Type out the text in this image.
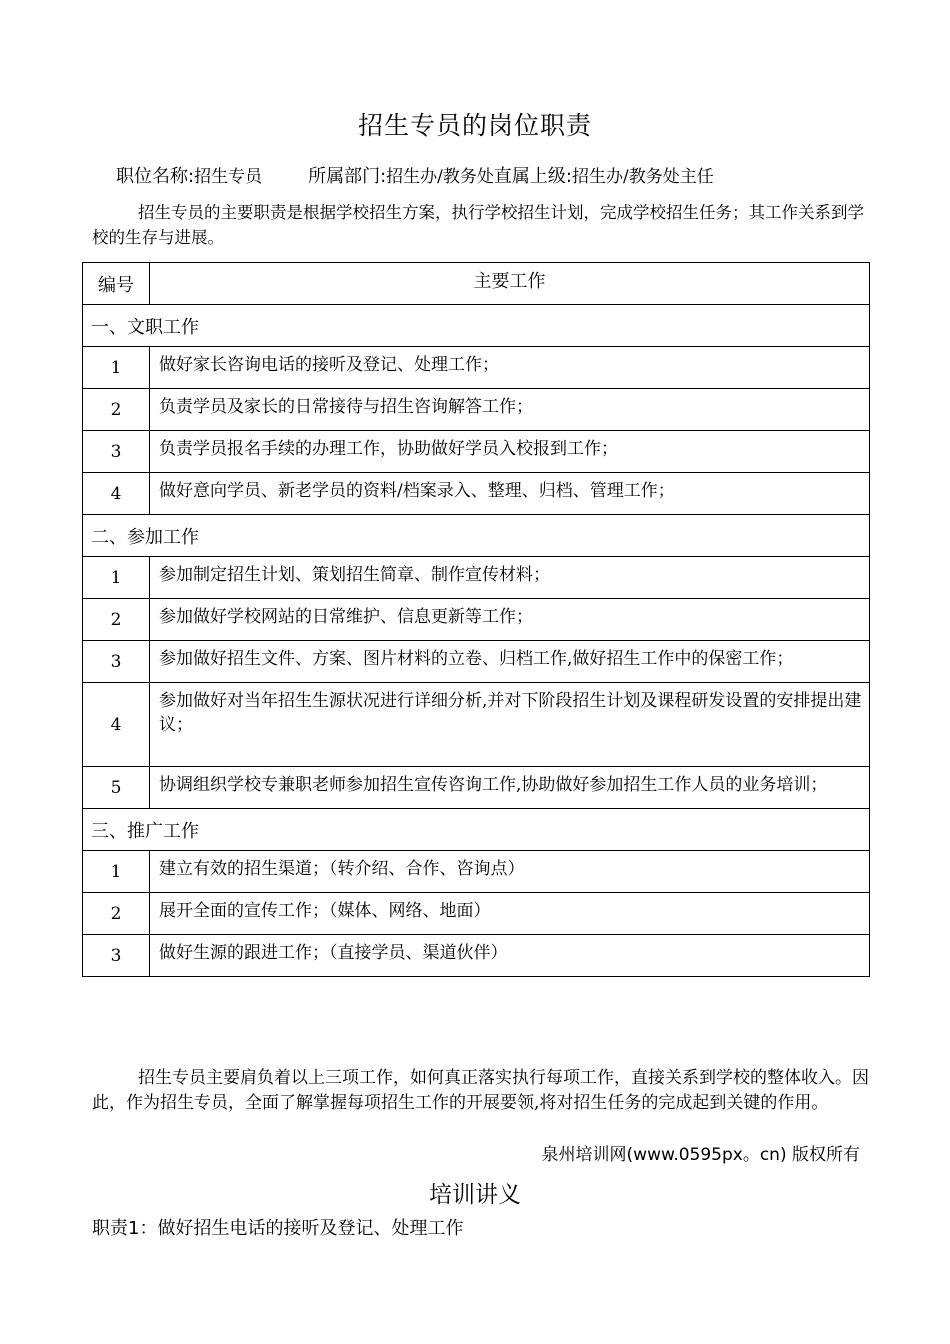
招生专员的岗位职责
职位名称:招生专员	所属部门:招生办/教务处直属上级:招生办/教务处主任
招生专员的主要职责是根据学校招生方案，执行学校招生计划，完成学校招生任务；其工作关系到学校的生存与进展。
编号	主要工作
一、文职工作	
1	做好家长咨询电话的接听及登记、处理工作；
2	负责学员及家长的日常接待与招生咨询解答工作；
3	负责学员报名手续的办理工作，协助做好学员入校报到工作；
4	做好意向学员、新老学员的资料/档案录入、整理、归档、管理工作；
二、参加工作	
1	参加制定招生计划、策划招生简章、制作宣传材料；
2	参加做好学校网站的日常维护、信息更新等工作；
3	参加做好招生文件、方案、图片材料的立卷、归档工作,做好招生工作中的保密工作；
4	参加做好对当年招生生源状况进行详细分析,并对下阶段招生计划及课程研发设置的安排提出建议；
5	协调组织学校专兼职老师参加招生宣传咨询工作,协助做好参加招生工作人员的业务培训；
三、推广工作	
1	建立有效的招生渠道；（转介绍、合作、咨询点）
2	展开全面的宣传工作；（媒体、网络、地面）
3	做好生源的跟进工作；（直接学员、渠道伙伴）
招生专员主要肩负着以上三项工作，如何真正落实执行每项工作，直接关系到学校的整体收入。因此，作为招生专员，全面了解掌握每项招生工作的开展要领,将对招生任务的完成起到关键的作用。
泉州培训网(www.0595px。cn) 版权所有
培训讲义
职责1：做好招生电话的接听及登记、处理工作
